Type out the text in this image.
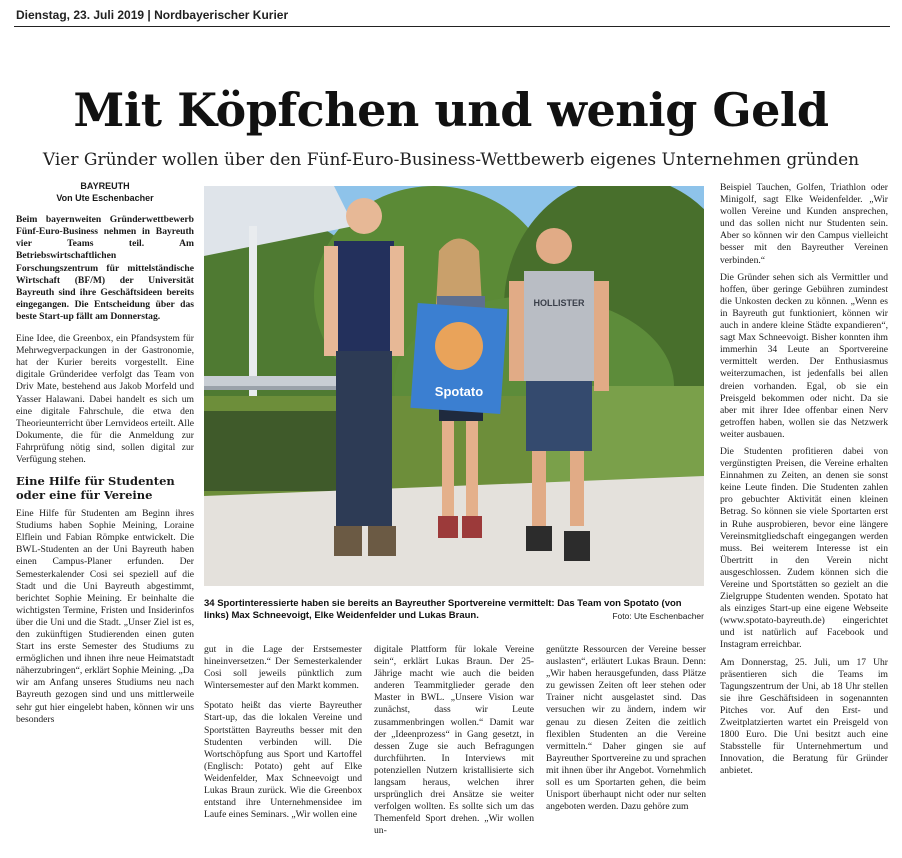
Dienstag, 23. Juli 2019 | Nordbayerischer Kurier
Mit Köpfchen und wenig Geld
Vier Gründer wollen über den Fünf-Euro-Business-Wettbewerb eigenes Unternehmen gründen

BAYREUTH

Von Ute Eschenbacher

Beim bayernweiten Gründerwettbewerb Fünf-Euro-Business nehmen in Bayreuth vier Teams teil. Am Betriebswirtschaftlichen Forschungszentrum für mittelständische Wirtschaft (BF/M) der Universität Bayreuth sind ihre Geschäftsideen bereits eingegangen. Die Entscheidung über das beste Start-up fällt am Donnerstag.

Eine Idee, die Greenbox, ein Pfandsystem für Mehrwegverpackungen in der Gastronomie, hat der Kurier bereits vorgestellt. Eine digitale Gründeridee verfolgt das Team von Driv Mate, bestehend aus Jakob Morfeld und Yasser Halawani. Dabei handelt es sich um eine digitale Fahrschule, die etwa den Theorieunterricht über Lernvideos erteilt. Alle Dokumente, die für die Anmeldung zur Fahrprüfung nötig sind, sollen digital zur Verfügung stehen.

Eine Hilfe für Studenten oder eine für Vereine

Eine Hilfe für Studenten am Beginn ihres Studiums haben Sophie Meining, Loraine Elflein und Fabian Römpke entwickelt. Die BWL-Studenten an der Uni Bayreuth haben einen Campus-Planer erfunden. Der Semesterkalender Cosi sei speziell auf die Stadt und die Uni Bayreuth abgestimmt, berichtet Sophie Meining. Er beinhalte die wichtigsten Termine, Fristen und Insiderinfos über die Uni und die Stadt. „Unser Ziel ist es, den zukünftigen Studierenden einen guten Start ins erste Semester des Studiums zu ermöglichen und ihnen ihre neue Heimatstadt näherzubringen“, erklärt Sophie Meining. „Da wir am Anfang unseres Studiums neu nach Bayreuth gezogen sind und uns mittlerweile sehr gut hier eingelebt haben, können wir uns besonders

Spotato
HOLLISTER
34 Sportinteressierte haben sie bereits an Bayreuther Sportvereine vermittelt: Das Team von Spotato (von links) Max Schneevoigt, Elke Weidenfelder und Lukas Braun.	Foto: Ute Eschenbacher

gut in die Lage der Erstsemester hineinversetzen.“ Der Semesterkalender Cosi soll jeweils pünktlich zum Wintersemester auf den Markt kommen.

Spotato heißt das vierte Bayreuther Start-up, das die lokalen Vereine und Sportstätten Bayreuths besser mit den Studenten verbinden will. Die Wortschöpfung aus Sport und Kartoffel (Englisch: Potato) geht auf Elke Weidenfelder, Max Schneevoigt und Lukas Braun zurück. Wie die Greenbox entstand ihre Unternehmensidee im Laufe eines Seminars. „Wir wollen eine

digitale Plattform für lokale Vereine sein“, erklärt Lukas Braun. Der 25-Jährige macht wie auch die beiden anderen Teammitglieder gerade den Master in BWL. „Unsere Vision war zunächst, dass wir Leute zusammenbringen wollen.“ Damit war der „Ideenprozess“ in Gang gesetzt, in dessen Zuge sie auch Befragungen durchführten. In Interviews mit potenziellen Nutzern kristallisierte sich langsam heraus, welchen ihrer ursprünglich drei Ansätze sie weiter verfolgen wollten. Es sollte sich um das Themenfeld Sport drehen. „Wir wollen un-

genützte Ressourcen der Vereine besser auslasten“, erläutert Lukas Braun. Denn: „Wir haben herausgefunden, dass Plätze zu gewissen Zeiten oft leer stehen oder Trainer nicht ausgelastet sind. Das versuchen wir zu ändern, indem wir genau zu diesen Zeiten die zeitlich flexiblen Studenten an die Vereine vermitteln.“ Daher gingen sie auf Bayreuther Sportvereine zu und sprachen mit ihnen über ihr Angebot. Vornehmlich soll es um Sportarten gehen, die beim Unisport überhaupt nicht oder nur selten angeboten werden. Dazu gehöre zum

Beispiel Tauchen, Golfen, Triathlon oder Minigolf, sagt Elke Weidenfelder. „Wir wollen Vereine und Kunden ansprechen, und das sollen nicht nur Studenten sein. Aber so können wir den Campus vielleicht besser mit den Bayreuther Vereinen verbinden.“

Die Gründer sehen sich als Vermittler und hoffen, über geringe Gebühren zumindest die Unkosten decken zu können. „Wenn es in Bayreuth gut funktioniert, können wir auch in andere kleine Städte expandieren“, sagt Max Schneevoigt. Bisher konnten ihm immerhin 34 Leute an Sportvereine vermittelt werden. Der Enthusiasmus weiterzumachen, ist jedenfalls bei allen dreien vorhanden. Egal, ob sie ein Preisgeld bekommen oder nicht. Da sie aber mit ihrer Idee offenbar einen Nerv getroffen haben, wollen sie das Netzwerk weiter ausbauen.

Die Studenten profitieren dabei von vergünstigten Preisen, die Vereine erhalten Einnahmen zu Zeiten, an denen sie sonst keine Leute finden. Die Studenten zahlen pro gebuchter Aktivität einen kleinen Betrag. So können sie viele Sportarten erst in Ruhe ausprobieren, bevor eine längere Vereinsmitgliedschaft eingegangen werden muss. Bei weiterem Interesse ist ein Übertritt in den Verein nicht ausgeschlossen. Zudem können sich die Vereine und Sportstätten so gezielt an die Zielgruppe Studenten wenden. Spotato hat als einziges Start-up eine eigene Webseite (www.spotato-bayreuth.de) eingerichtet und ist natürlich auf Facebook und Instagram erreichbar.

Am Donnerstag, 25. Juli, um 17 Uhr präsentieren sich die Teams im Tagungszentrum der Uni, ab 18 Uhr stellen sie ihre Geschäftsideen in sogenannten Pitches vor. Auf den Erst- und Zweitplatzierten wartet ein Preisgeld von 1800 Euro. Die Uni besitzt auch eine Stabsstelle für Unternehmertum und Innovation, die Beratung für Gründer anbietet.
